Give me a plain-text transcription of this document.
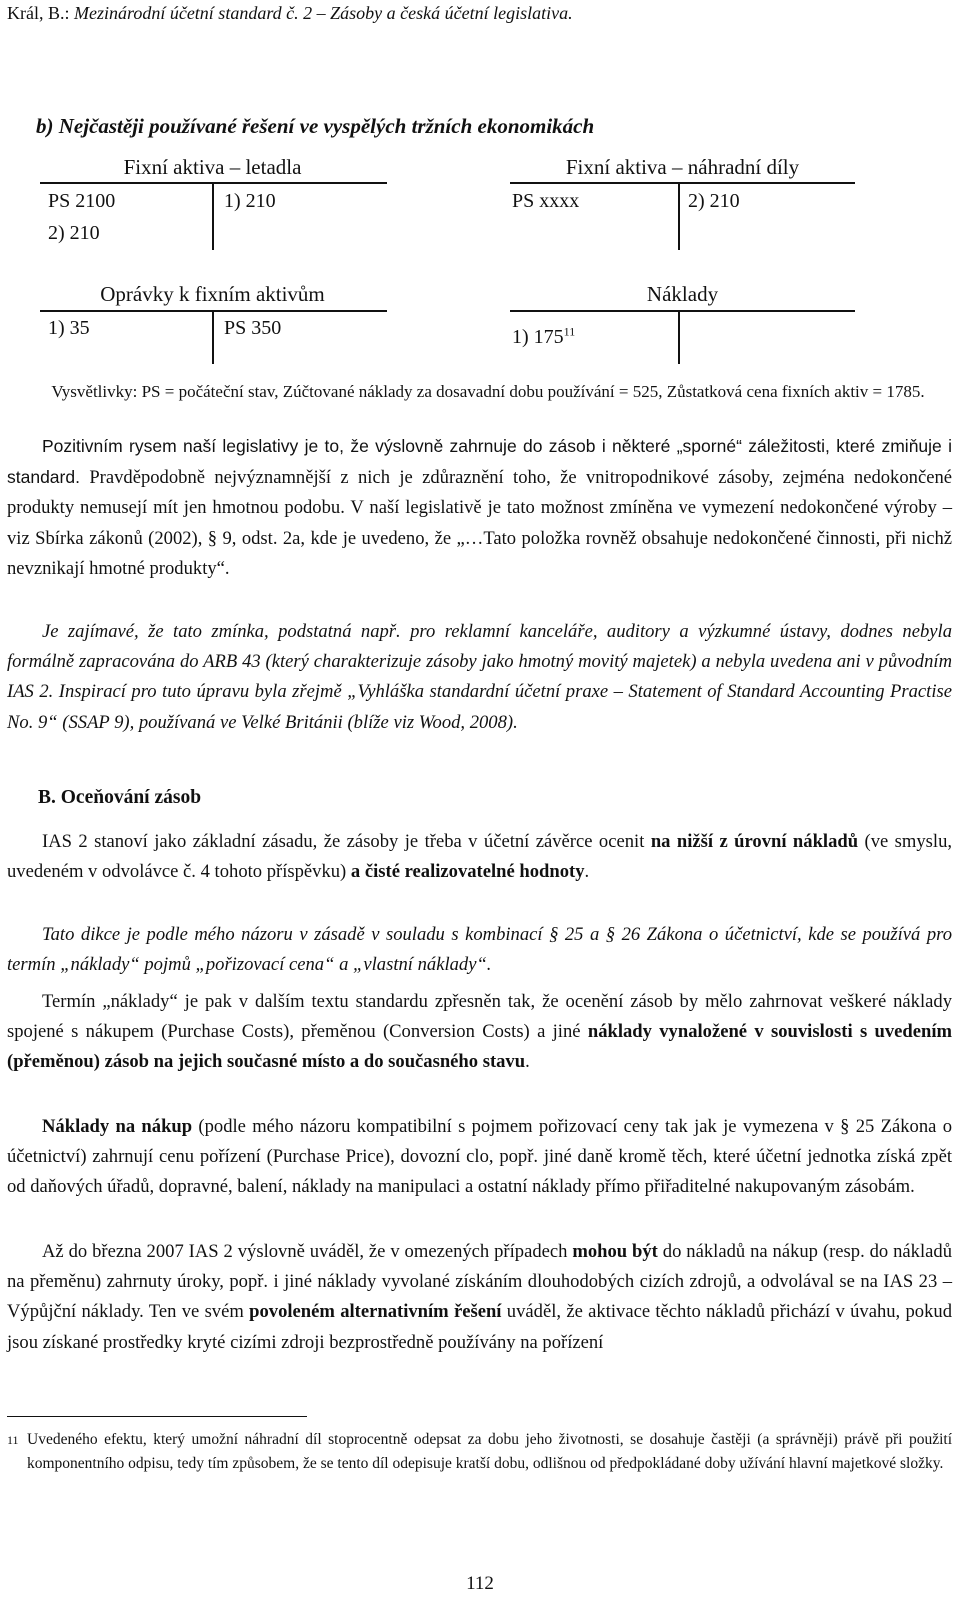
Král, B.: Mezinárodní účetní standard č. 2 – Zásoby a česká účetní legislativa.
b) Nejčastěji používané řešení ve vyspělých tržních ekonomikách
Fixní aktiva – letadla
PS 2100
2) 210
1) 210
Fixní aktiva – náhradní díly
PS xxxx	2) 210
Oprávky k fixním aktivům
1) 35	PS 350
Náklady
1) $175^{11}$
Vysvětlivky: PS = počáteční stav, Zúčtované náklady za dosavadní dobu používání = 525, Zůstatková cena fixních aktiv = 1785.

Pozitivním rysem naší legislativy je to, že výslovně zahrnuje do zásob i některé „sporné“ záležitosti, které zmiňuje i standard. Pravděpodobně nejvýznamnější z nich je zdůraznění toho, že vnitropodnikové zásoby, zejména nedokončené produkty nemusejí mít jen hmotnou podobu. V naší legislativě je tato možnost zmíněna ve vymezení nedokončené výroby – viz Sbírka zákonů (2002), § 9, odst. 2a, kde je uvedeno, že „…Tato položka rovněž obsahuje nedokončené činnosti, při nichž nevznikají hmotné produkty“.

Je zajímavé, že tato zmínka, podstatná např. pro reklamní kanceláře, auditory a výzkumné ústavy, dodnes nebyla formálně zapracována do ARB 43 (který charakterizuje zásoby jako hmotný movitý majetek) a nebyla uvedena ani v původním IAS 2. Inspirací pro tuto úpravu byla zřejmě „Vyhláška standardní účetní praxe – Statement of Standard Accounting Practise No. 9“ (SSAP 9), používaná ve Velké Británii (blíže viz Wood, 2008).

B. Oceňování zásob

IAS 2 stanoví jako základní zásadu, že zásoby je třeba v účetní závěrce ocenit na nižší z úrovní nákladů (ve smyslu, uvedeném v odvolávce č. 4 tohoto příspěvku) a čisté realizovatelné hodnoty.

Tato dikce je podle mého názoru v zásadě v souladu s kombinací § 25 a § 26 Zákona o účetnictví, kde se používá pro termín „náklady“ pojmů „pořizovací cena“ a „vlastní náklady“.

Termín „náklady“ je pak v dalším textu standardu zpřesněn tak, že ocenění zásob by mělo zahrnovat veškeré náklady spojené s nákupem (Purchase Costs), přeměnou (Conversion Costs) a jiné náklady vynaložené v souvislosti s uvedením (přeměnou) zásob na jejich současné místo a do současného stavu.

Náklady na nákup (podle mého názoru kompatibilní s pojmem pořizovací ceny tak jak je vymezena v § 25 Zákona o účetnictví) zahrnují cenu pořízení (Purchase Price), dovozní clo, popř. jiné daně kromě těch, které účetní jednotka získá zpět od daňových úřadů, dopravné, balení, náklady na manipulaci a ostatní náklady přímo přiřaditelné nakupovaným zásobám.

Až do března 2007 IAS 2 výslovně uváděl, že v omezených případech mohou být do nákladů na nákup (resp. do nákladů na přeměnu) zahrnuty úroky, popř. i jiné náklady vyvolané získáním dlouhodobých cizích zdrojů, a odvolával se na IAS 23 – Výpůjční náklady. Ten ve svém povoleném alternativním řešení uváděl, že aktivace těchto nákladů přichází v úvahu, pokud jsou získané prostředky kryté cizími zdroji bezprostředně používány na pořízení

11 Uvedeného efektu, který umožní náhradní díl stoprocentně odepsat za dobu jeho životnosti, se dosahuje častěji (a správněji) právě při použití komponentního odpisu, tedy tím způsobem, že se tento díl odepisuje kratší dobu, odlišnou od předpokládané doby užívání hlavní majetkové složky.
112
